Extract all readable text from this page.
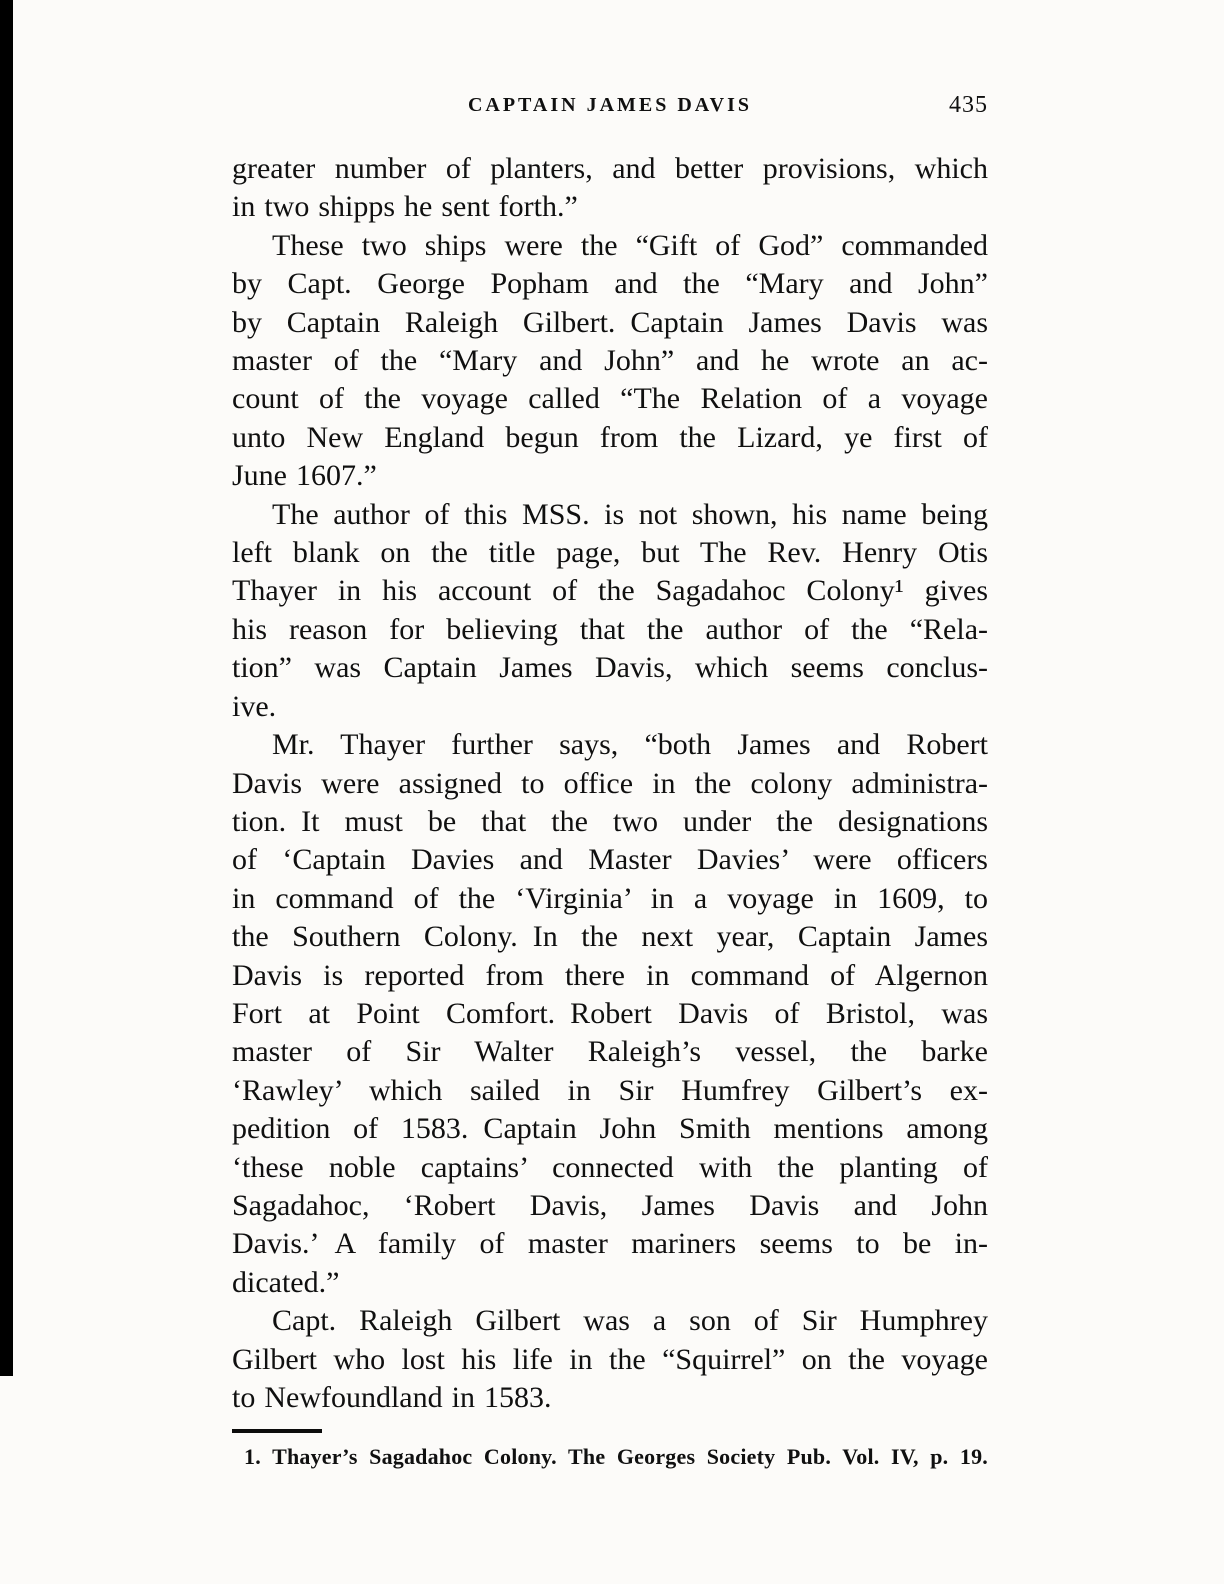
CAPTAIN JAMES DAVIS	435
greater number of planters, and better provisions, which
in two shipps he sent forth.”
These two ships were the “Gift of God” commanded
by Capt. George Popham and the “Mary and John”
by Captain Raleigh Gilbert. Captain James Davis was
master of the “Mary and John” and he wrote an ac-
count of the voyage called “The Relation of a voyage
unto New England begun from the Lizard, ye first of
June 1607.”
The author of this MSS. is not shown, his name being
left blank on the title page, but The Rev. Henry Otis
Thayer in his account of the Sagadahoc Colony¹ gives
his reason for believing that the author of the “Rela-
tion” was Captain James Davis, which seems conclus-
ive.
Mr. Thayer further says, “both James and Robert
Davis were assigned to office in the colony administra-
tion. It must be that the two under the designations
of ‘Captain Davies and Master Davies’ were officers
in command of the ‘Virginia’ in a voyage in 1609, to
the Southern Colony. In the next year, Captain James
Davis is reported from there in command of Algernon
Fort at Point Comfort. Robert Davis of Bristol, was
master of Sir Walter Raleigh’s vessel, the barke
‘Rawley’ which sailed in Sir Humfrey Gilbert’s ex-
pedition of 1583. Captain John Smith mentions among
‘these noble captains’ connected with the planting of
Sagadahoc, ‘Robert Davis, James Davis and John
Davis.’ A family of master mariners seems to be in-
dicated.”
Capt. Raleigh Gilbert was a son of Sir Humphrey
Gilbert who lost his life in the “Squirrel” on the voyage
to Newfoundland in 1583.
1. Thayer’s Sagadahoc Colony. The Georges Society Pub. Vol. IV, p. 19.
